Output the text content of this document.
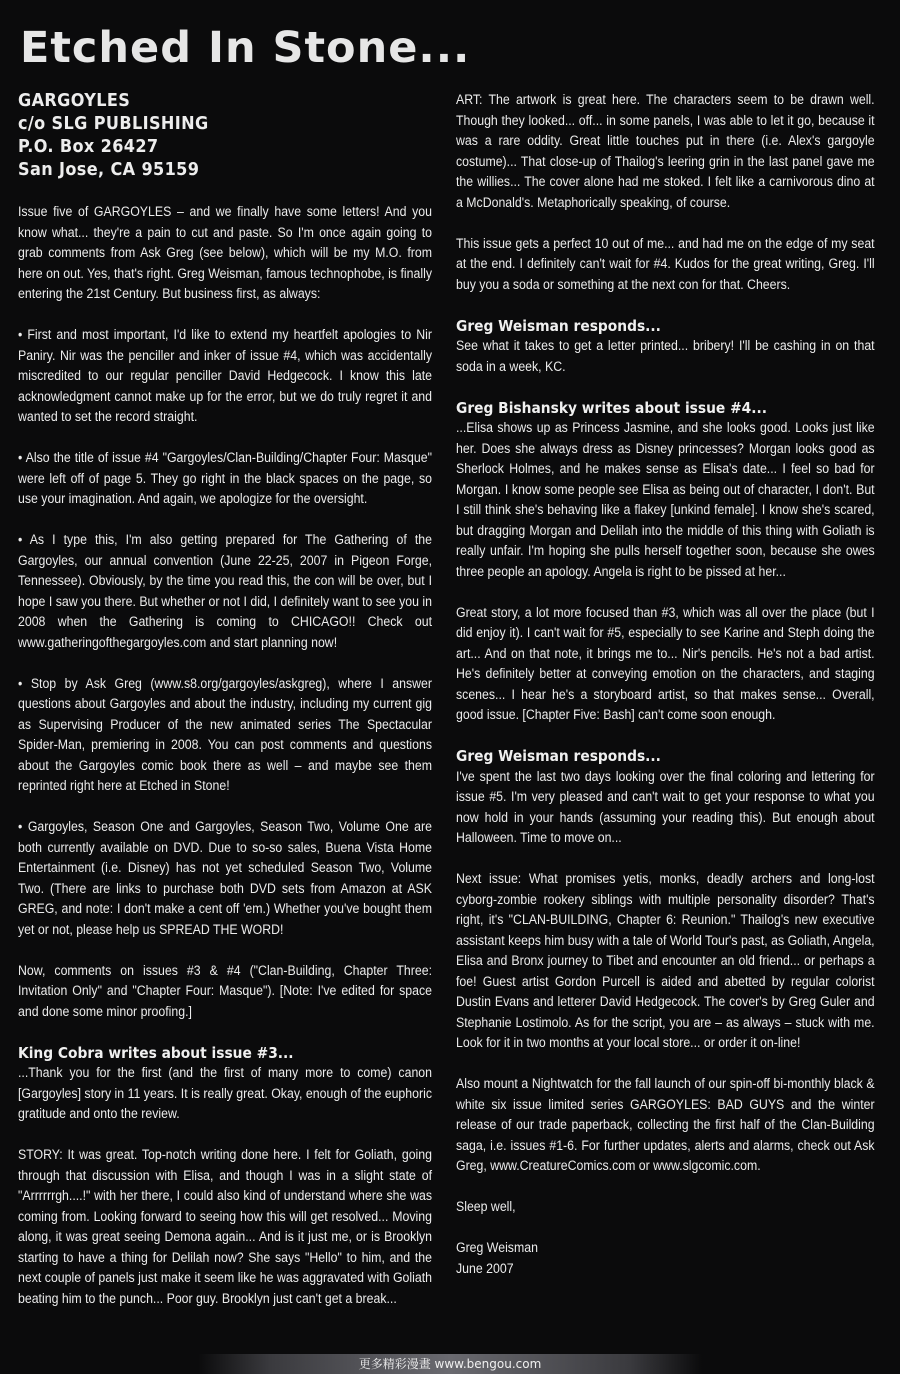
Etched In Stone...
GARGOYLES
c/o SLG PUBLISHING
P.O. Box 26427
San Jose, CA 95159

Issue five of GARGOYLES – and we finally have some letters! And you know what... they're a pain to cut and paste. So I'm once again going to grab comments from Ask Greg (see below), which will be my M.O. from here on out. Yes, that's right. Greg Weisman, famous technophobe, is finally entering the 21st Century. But business first, as always:

• First and most important, I'd like to extend my heartfelt apologies to Nir Paniry. Nir was the penciller and inker of issue #4, which was accidentally miscredited to our regular penciller David Hedgecock. I know this late acknowledgment cannot make up for the error, but we do truly regret it and wanted to set the record straight.

• Also the title of issue #4 "Gargoyles/Clan-Building/Chapter Four: Masque" were left off of page 5. They go right in the black spaces on the page, so use your imagination. And again, we apologize for the oversight.

• As I type this, I'm also getting prepared for The Gathering of the Gargoyles, our annual convention (June 22-25, 2007 in Pigeon Forge, Tennessee). Obviously, by the time you read this, the con will be over, but I hope I saw you there. But whether or not I did, I definitely want to see you in 2008 when the Gathering is coming to CHICAGO!! Check out www.gatheringofthegargoyles.com and start planning now!

• Stop by Ask Greg (www.s8.org/gargoyles/askgreg), where I answer questions about Gargoyles and about the industry, including my current gig as Supervising Producer of the new animated series The Spectacular Spider-Man, premiering in 2008. You can post comments and questions about the Gargoyles comic book there as well – and maybe see them reprinted right here at Etched in Stone!

• Gargoyles, Season One and Gargoyles, Season Two, Volume One are both currently available on DVD. Due to so-so sales, Buena Vista Home Entertainment (i.e. Disney) has not yet scheduled Season Two, Volume Two. (There are links to purchase both DVD sets from Amazon at ASK GREG, and note: I don't make a cent off 'em.) Whether you've bought them yet or not, please help us SPREAD THE WORD!

Now, comments on issues #3 & #4 ("Clan-Building, Chapter Three: Invitation Only" and "Chapter Four: Masque"). [Note: I've edited for space and done some minor proofing.]

King Cobra writes about issue #3...

...Thank you for the first (and the first of many more to come) canon [Gargoyles] story in 11 years. It is really great. Okay, enough of the euphoric gratitude and onto the review.

STORY: It was great. Top-notch writing done here. I felt for Goliath, going through that discussion with Elisa, and though I was in a slight state of "Arrrrrrgh....!" with her there, I could also kind of understand where she was coming from. Looking forward to seeing how this will get resolved... Moving along, it was great seeing Demona again... And is it just me, or is Brooklyn starting to have a thing for Delilah now? She says "Hello" to him, and the next couple of panels just make it seem like he was aggravated with Goliath beating him to the punch... Poor guy. Brooklyn just can't get a break...

ART: The artwork is great here. The characters seem to be drawn well. Though they looked... off... in some panels, I was able to let it go, because it was a rare oddity. Great little touches put in there (i.e. Alex's gargoyle costume)... That close-up of Thailog's leering grin in the last panel gave me the willies... The cover alone had me stoked. I felt like a carnivorous dino at a McDonald's. Metaphorically speaking, of course.

This issue gets a perfect 10 out of me... and had me on the edge of my seat at the end. I definitely can't wait for #4. Kudos for the great writing, Greg. I'll buy you a soda or something at the next con for that. Cheers.

Greg Weisman responds...

See what it takes to get a letter printed... bribery! I'll be cashing in on that soda in a week, KC.

Greg Bishansky writes about issue #4...

...Elisa shows up as Princess Jasmine, and she looks good. Looks just like her. Does she always dress as Disney princesses? Morgan looks good as Sherlock Holmes, and he makes sense as Elisa's date... I feel so bad for Morgan. I know some people see Elisa as being out of character, I don't. But I still think she's behaving like a flakey [unkind female]. I know she's scared, but dragging Morgan and Delilah into the middle of this thing with Goliath is really unfair. I'm hoping she pulls herself together soon, because she owes three people an apology. Angela is right to be pissed at her...

Great story, a lot more focused than #3, which was all over the place (but I did enjoy it). I can't wait for #5, especially to see Karine and Steph doing the art... And on that note, it brings me to... Nir's pencils. He's not a bad artist. He's definitely better at conveying emotion on the characters, and staging scenes... I hear he's a storyboard artist, so that makes sense... Overall, good issue. [Chapter Five: Bash] can't come soon enough.

Greg Weisman responds...

I've spent the last two days looking over the final coloring and lettering for issue #5. I'm very pleased and can't wait to get your response to what you now hold in your hands (assuming your reading this). But enough about Halloween. Time to move on...

Next issue: What promises yetis, monks, deadly archers and long-lost cyborg-zombie rookery siblings with multiple personality disorder? That's right, it's "CLAN-BUILDING, Chapter 6: Reunion." Thailog's new executive assistant keeps him busy with a tale of World Tour's past, as Goliath, Angela, Elisa and Bronx journey to Tibet and encounter an old friend... or perhaps a foe! Guest artist Gordon Purcell is aided and abetted by regular colorist Dustin Evans and letterer David Hedgecock. The cover's by Greg Guler and Stephanie Lostimolo. As for the script, you are – as always – stuck with me. Look for it in two months at your local store... or order it on-line!

Also mount a Nightwatch for the fall launch of our spin-off bi-monthly black & white six issue limited series GARGOYLES: BAD GUYS and the winter release of our trade paperback, collecting the first half of the Clan-Building saga, i.e. issues #1-6. For further updates, alerts and alarms, check out Ask Greg, www.CreatureComics.com or www.slgcomic.com.

Sleep well,

Greg Weisman

June 2007

更多精彩漫畫 www.bengou.com
